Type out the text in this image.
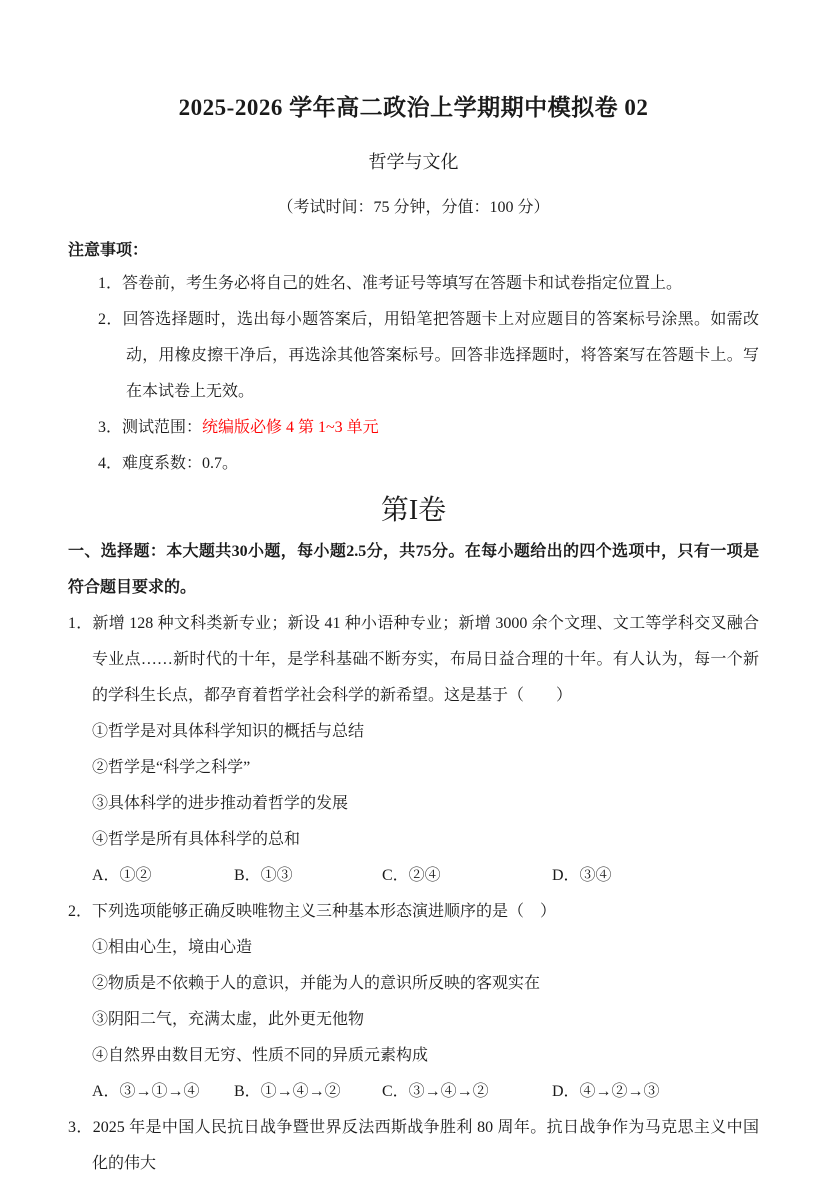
2025-2026 学年高二政治上学期期中模拟卷 02
哲学与文化
（考试时间：75 分钟，分值：100 分）
注意事项：
1．答卷前，考生务必将自己的姓名、准考证号等填写在答题卡和试卷指定位置上。
2．回答选择题时，选出每小题答案后，用铅笔把答题卡上对应题目的答案标号涂黑。如需改动，用橡皮擦干净后，再选涂其他答案标号。回答非选择题时，将答案写在答题卡上。写在本试卷上无效。
3．测试范围：统编版必修 4 第 1~3 单元
4．难度系数：0.7。
第I卷
一、选择题：本大题共30小题，每小题2.5分，共75分。在每小题给出的四个选项中，只有一项是符合题目要求的。
1．新增 128 种文科类新专业；新设 41 种小语种专业；新增 3000 余个文理、文工等学科交叉融合专业点……新时代的十年，是学科基础不断夯实，布局日益合理的十年。有人认为，每一个新的学科生长点，都孕育着哲学社会科学的新希望。这是基于（　　）
①哲学是对具体科学知识的概括与总结
②哲学是“科学之科学”
③具体科学的进步推动着哲学的发展
④哲学是所有具体科学的总和
A．①②	B．①③	C．②④	D．③④
2．下列选项能够正确反映唯物主义三种基本形态演进顺序的是（　）
①相由心生，境由心造
②物质是不依赖于人的意识，并能为人的意识所反映的客观实在
③阴阳二气，充满太虚，此外更无他物
④自然界由数目无穷、性质不同的异质元素构成
A．③→①→④	B．①→④→②	C．③→④→②	D．④→②→③
3．2025 年是中国人民抗日战争暨世界反法西斯战争胜利 80 周年。抗日战争作为马克思主义中国化的伟大
